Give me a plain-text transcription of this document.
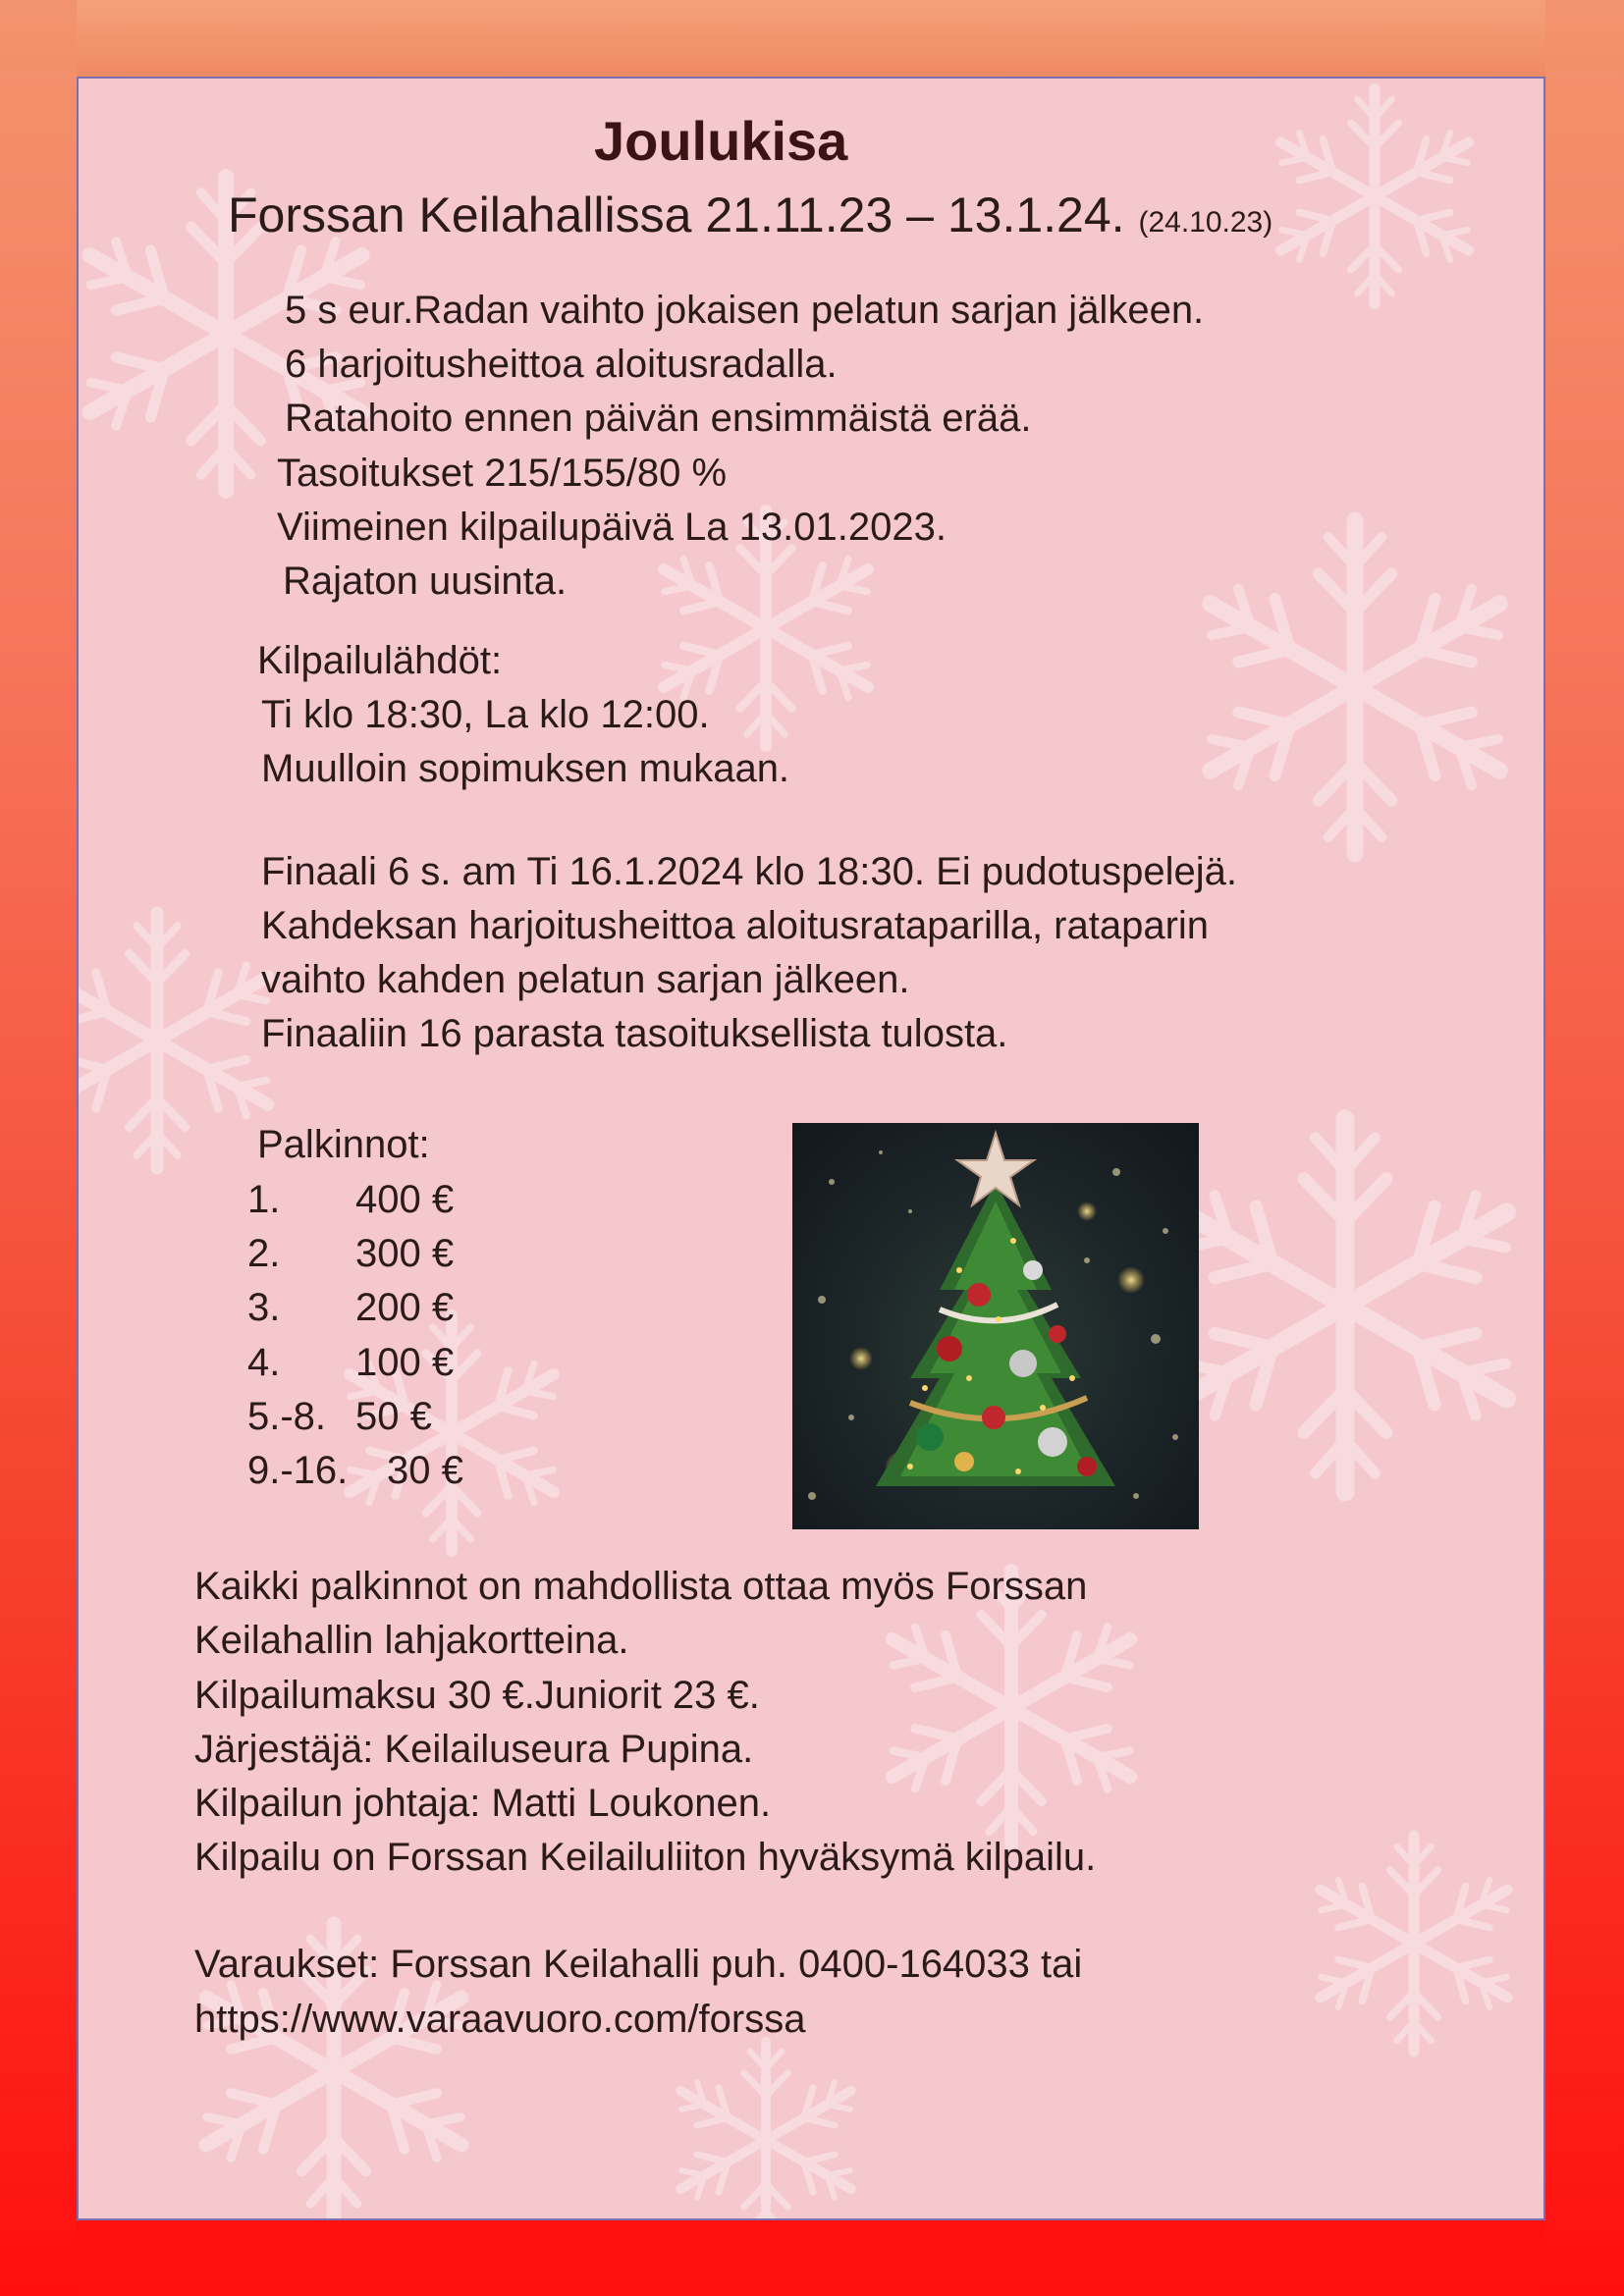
Joulukisa
Forssan Keilahallissa 21.11.23 – 13.1.24. (24.10.23)
5 s eur.Radan vaihto jokaisen pelatun sarjan jälkeen.
6 harjoitusheittoa aloitusradalla.
Ratahoito ennen päivän ensimmäistä erää.
Tasoitukset 215/155/80 %
Viimeinen kilpailupäivä La 13.01.2023.
Rajaton uusinta.
Kilpailulähdöt:
Ti klo 18:30, La klo 12:00.
Muulloin sopimuksen mukaan.
Finaali 6 s. am Ti 16.1.2024 klo 18:30. Ei pudotuspelejä.
Kahdeksan harjoitusheittoa aloitusrataparilla, rataparin
vaihto kahden pelatun sarjan jälkeen.
Finaaliin 16 parasta tasoituksellista tulosta.
Palkinnot:
1. 400 €
2. 300 €
3. 200 €
4. 100 €
5.-8. 50 €
9.-16. 30 €
Kaikki palkinnot on mahdollista ottaa myös Forssan
Keilahallin lahjakortteina.
Kilpailumaksu 30 €.Juniorit 23 €.
Järjestäjä: Keilailuseura Pupina.
Kilpailun johtaja: Matti Loukonen.
Kilpailu on Forssan Keilailuliiton hyväksymä kilpailu.
Varaukset: Forssan Keilahalli puh. 0400-164033 tai
https://www.varaavuoro.com/forssa
